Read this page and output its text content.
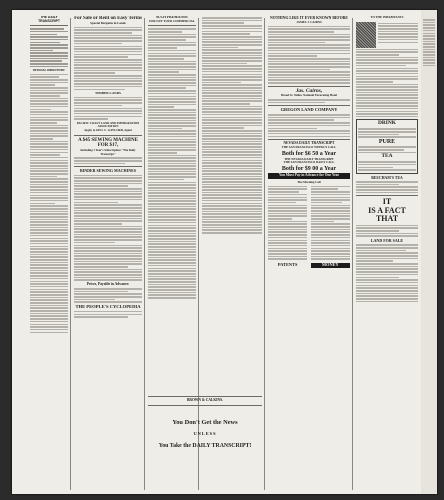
THE DAILY TRANSCRIPT
OFFICIAL DIRECTORY.
For Sale or Rent on Easy Terms
Special Bargains in Lands
TIMBER LANDS
PACIFIC COAST LAND AND IMMIGRATION ASSOCIATION
Apply to GEO. C. GAYLORD, Agent
A $45 SEWING MACHINE FOR $17,
Including 1 Year's Subscription "The Daily Transcript"
BINDER SEWING MACHINES
Prices, Payable in Advance:
THE PEOPLE'S CYCLOPEDIA
SUCH PREMIUMS!
FOR OUT YOUR COMMERCIAL
BROWN & CALKINS.
You Don't Get the News
UNLESS
You Take the DAILY TRANSCRIPT!
NOTHING LIKE IT EVER KNOWN BEFORE
JAMES J. CAIRNS
Jas. Cairns,
Broad St. Yellow National Excavating Hotel
GREGON LAND COMPANY
NEVADA DAILY TRANSCRIPT
THE SAN FRANCISCO WEEKLY CALL
Both for $6 50 a Year
THE NEVADA DAILY TRANSCRIPT
THE SAN FRANCISCO DAILY CALL
Both for $9 00 a Year
You Must Pay in Advance for One Year
The Morning Call
PATENTS	MONEY
TO THE INHABITANTS
DRINK
PURE
TEA
BEECHAM'S TEA
IT
IS A FACT
THAT
LAND FOR SALE
